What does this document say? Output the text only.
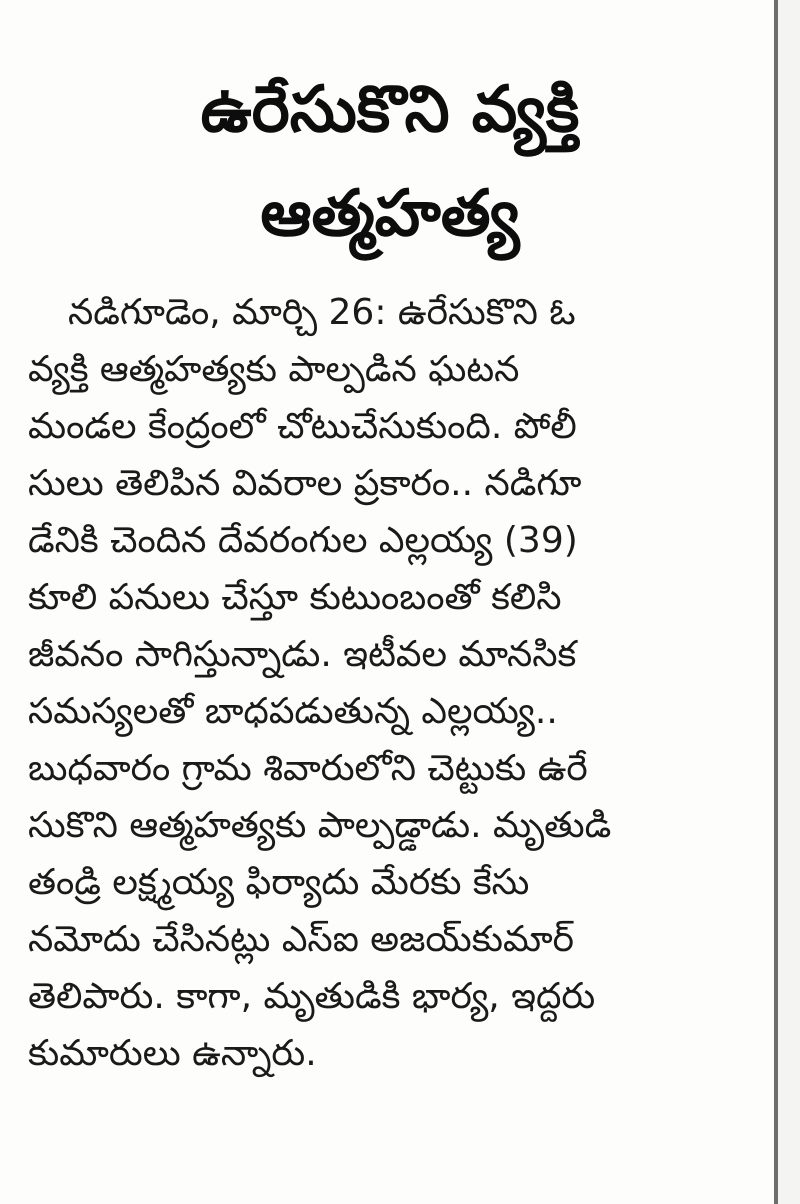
ఉరేసుకొని వ్యక్తి
ఆత్మహత్య
నడిగూడెం, మార్చి 26: ఉరేసుకొని ఓ
వ్యక్తి ఆత్మహత్యకు పాల్పడిన ఘటన
మండల కేంద్రంలో చోటుచేసుకుంది. పోలీ
సులు తెలిపిన వివరాల ప్రకారం.. నడిగూ
డేనికి చెందిన దేవరంగుల ఎల్లయ్య (39)
కూలి పనులు చేస్తూ కుటుంబంతో కలిసి
జీవనం సాగిస్తున్నాడు. ఇటీవల మానసిక
సమస్యలతో బాధపడుతున్న ఎల్లయ్య..
బుధవారం గ్రామ శివారులోని చెట్టుకు ఉరే
సుకొని ఆత్మహత్యకు పాల్పడ్డాడు. మృతుడి
తండ్రి లక్ష్మయ్య ఫిర్యాదు మేరకు కేసు
నమోదు చేసినట్లు ఎస్ఐ అజయ్‌కుమార్
తెలిపారు. కాగా, మృతుడికి భార్య, ఇద్దరు
కుమారులు ఉన్నారు.
